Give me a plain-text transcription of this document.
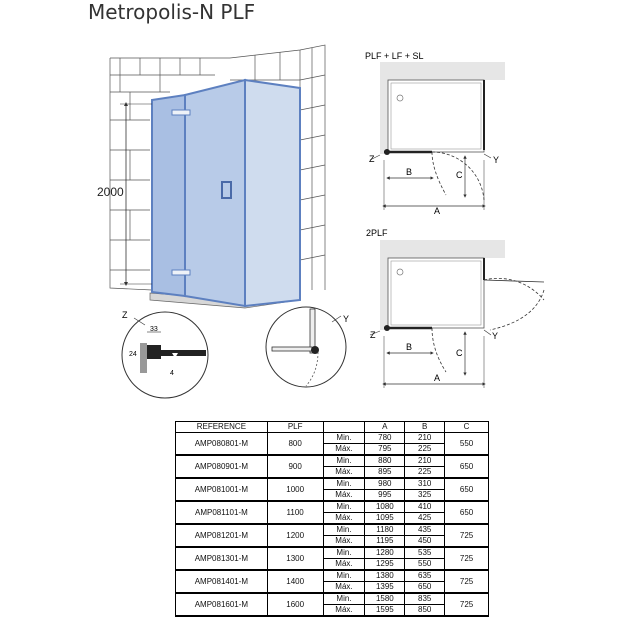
Metropolis-N PLF
2000
33
24
4
Z	Y
PLF + LF + SL
Z	Y
B	C
A
2PLF
Z	Y
B
C
A
REFERENCE	PLF		A	B	C
AMP080801-M	800	Min.	780	210	550
		Máx.	795	225	
AMP080901-M	900	Min.	880	210	650
		Máx.	895	225	
AMP081001-M	1000	Min.	980	310	650
		Máx.	995	325	
AMP081101-M	1100	Min.	1080	410	650
		Máx.	1095	425	
AMP081201-M	1200	Min.	1180	435	725
		Máx.	1195	450	
AMP081301-M	1300	Min.	1280	535	725
		Máx.	1295	550	
AMP081401-M	1400	Min.	1380	635	725
		Máx.	1395	650	
AMP081601-M	1600	Min.	1580	835	725
		Máx.	1595	850	
